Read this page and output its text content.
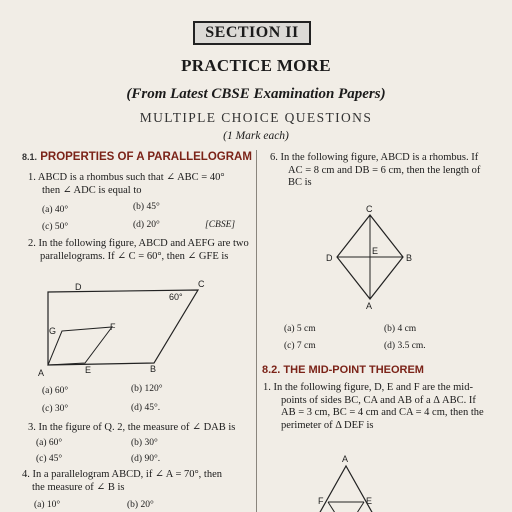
SECTION II
PRACTICE MORE
(From Latest CBSE Examination Papers)
MULTIPLE CHOICE QUESTIONS
(1 Mark each)
8.1. PROPERTIES OF A PARALLELOGRAM
1. ABCD is a rhombus such that ∠ ABC = 40°
then ∠ ADC is equal to
(a) 40°	(b) 45°
(c) 50°	(d) 20°	[CBSE]
2. In the following figure, ABCD and AEFG are two
parallelograms. If ∠ C = 60°, then ∠ GFE is
D	C
60°
G	F
A	E	B
(a) 60°	(b) 120°
(c) 30°	(d) 45°.
3. In the figure of Q. 2, the measure of ∠ DAB is
(a) 60°	(b) 30°
(c) 45°	(d) 90°.
4. In a parallelogram ABCD, if ∠ A = 70°, then
the measure of ∠ B is
(a) 10°	(b) 20°
6. In the following figure, ABCD is a rhombus. If
AC = 8 cm and DB = 6 cm, then the length of
BC is
C
D
E
B
A
(a) 5 cm	(b) 4 cm
(c) 7 cm	(d) 3.5 cm.
8.2. THE MID-POINT THEOREM
1. In the following figure, D, E and F are the mid-
points of sides BC, CA and AB of a Δ ABC. If
AB = 3 cm, BC = 4 cm and CA = 4 cm, then the
perimeter of Δ DEF is
A
F	E
